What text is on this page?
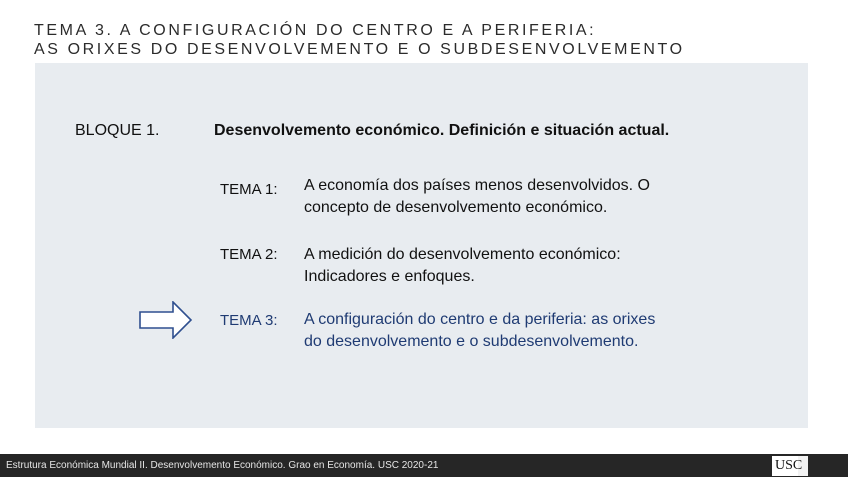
TEMA 3. A CONFIGURACIÓN DO CENTRO E A PERIFERIA:
AS ORIXES DO DESENVOLVEMENTO E O SUBDESENVOLVEMENTO
BLOQUE 1.	Desenvolvemento económico. Definición e situación actual.
TEMA 1: A economía dos países menos desenvolvidos. O
concepto de desenvolvemento económico.
TEMA 2: A medición do desenvolvemento económico:
Indicadores e enfoques.
TEMA 3: A configuración do centro e da periferia: as orixes
do desenvolvemento e o subdesenvolvemento.
Estrutura Económica Mundial II. Desenvolvemento Económico. Grao en Economía. USC 2020-21	USC
